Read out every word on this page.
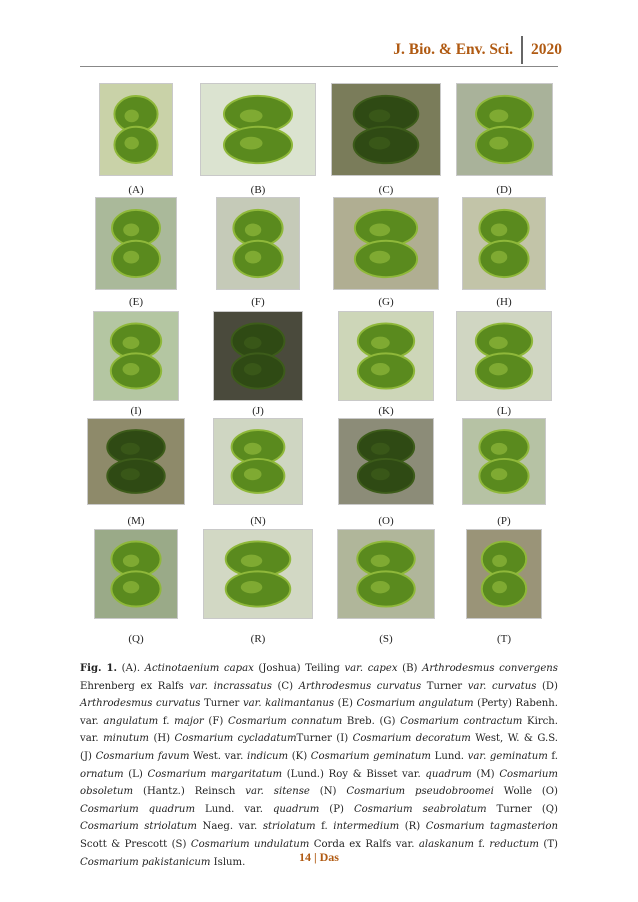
J. Bio. & Env. Sci. 2020
(A)	(B)	(C)	(D)
(E)	(F)	(G)	(H)
(I)	(J)	(K)	(L)
(M)	(N)	(O)	(P)
(Q)	(R)	(S)	(T)
Fig. 1. (A). Actinotaenium capax (Joshua) Teiling var. capex (B) Arthrodesmus convergens Ehrenberg ex Ralfs var. incrassatus (C) Arthrodesmus curvatus Turner var. curvatus (D) Arthrodesmus curvatus Turner var. kalimantanus (E) Cosmarium angulatum (Perty) Rabenh. var. angulatum f. major (F) Cosmarium connatum Breb. (G) Cosmarium contractum Kirch. var. minutum (H) Cosmarium cycladatumTurner (I) Cosmarium decoratum West, W. & G.S. (J) Cosmarium favum West. var. indicum (K) Cosmarium geminatum Lund. var. geminatum f. ornatum (L) Cosmarium margaritatum (Lund.) Roy & Bisset var. quadrum (M) Cosmarium obsoletum (Hantz.) Reinsch var. sitense (N) Cosmarium pseudobroomei Wolle (O) Cosmarium quadrum Lund. var. quadrum (P) Cosmarium seabrolatum Turner (Q) Cosmarium striolatum Naeg. var. striolatum f. intermedium (R) Cosmarium tagmasterion Scott & Prescott (S) Cosmarium undulatum Corda ex Ralfs var. alaskanum f. reductum (T) Cosmarium pakistanicum Islum.	14 | Das
